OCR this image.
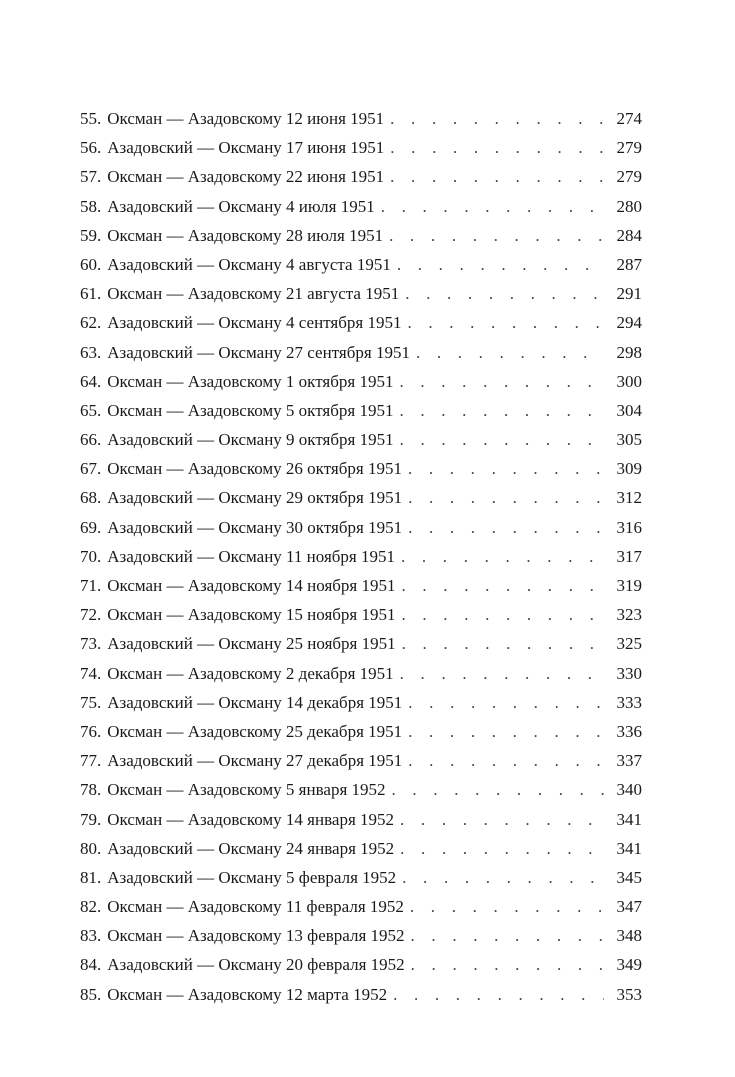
55. Оксман — Азадовскому 12 июня 1951 . . .	274
56. Азадовский — Оксману 17 июня 1951 . . .	279
57. Оксман — Азадовскому 22 июня 1951 . . .	279
58. Азадовский — Оксману 4 июля 1951 . . .	280
59. Оксман — Азадовскому 28 июля 1951 . . .	284
60. Азадовский — Оксману 4 августа 1951 . . .	287
61. Оксман — Азадовскому 21 августа 1951 . . .	291
62. Азадовский — Оксману 4 сентября 1951 . . .	294
63. Азадовский — Оксману 27 сентября 1951 . . .	298
64. Оксман — Азадовскому 1 октября 1951 . . .	300
65. Оксман — Азадовскому 5 октября 1951 . . .	304
66. Азадовский — Оксману 9 октября 1951 . . .	305
67. Оксман — Азадовскому 26 октября 1951 . . .	309
68. Азадовский — Оксману 29 октября 1951 . . .	312
69. Азадовский — Оксману 30 октября 1951 . . .	316
70. Азадовский — Оксману 11 ноября 1951 . . .	317
71. Оксман — Азадовскому 14 ноября 1951 . . .	319
72. Оксман — Азадовскому 15 ноября 1951 . . .	323
73. Азадовский — Оксману 25 ноября 1951 . . .	325
74. Оксман — Азадовскому 2 декабря 1951 . . .	330
75. Азадовский — Оксману 14 декабря 1951 . . .	333
76. Оксман — Азадовскому 25 декабря 1951 . . .	336
77. Азадовский — Оксману 27 декабря 1951 . . .	337
78. Оксман — Азадовскому 5 января 1952 . . .	340
79. Оксман — Азадовскому 14 января 1952 . . .	341
80. Азадовский — Оксману 24 января 1952 . . .	341
81. Азадовский — Оксману 5 февраля 1952 . . .	345
82. Оксман — Азадовскому 11 февраля 1952 . . .	347
83. Оксман — Азадовскому 13 февраля 1952 . . .	348
84. Азадовский — Оксману 20 февраля 1952 . . .	349
85. Оксман — Азадовскому 12 марта 1952 . . .	353
